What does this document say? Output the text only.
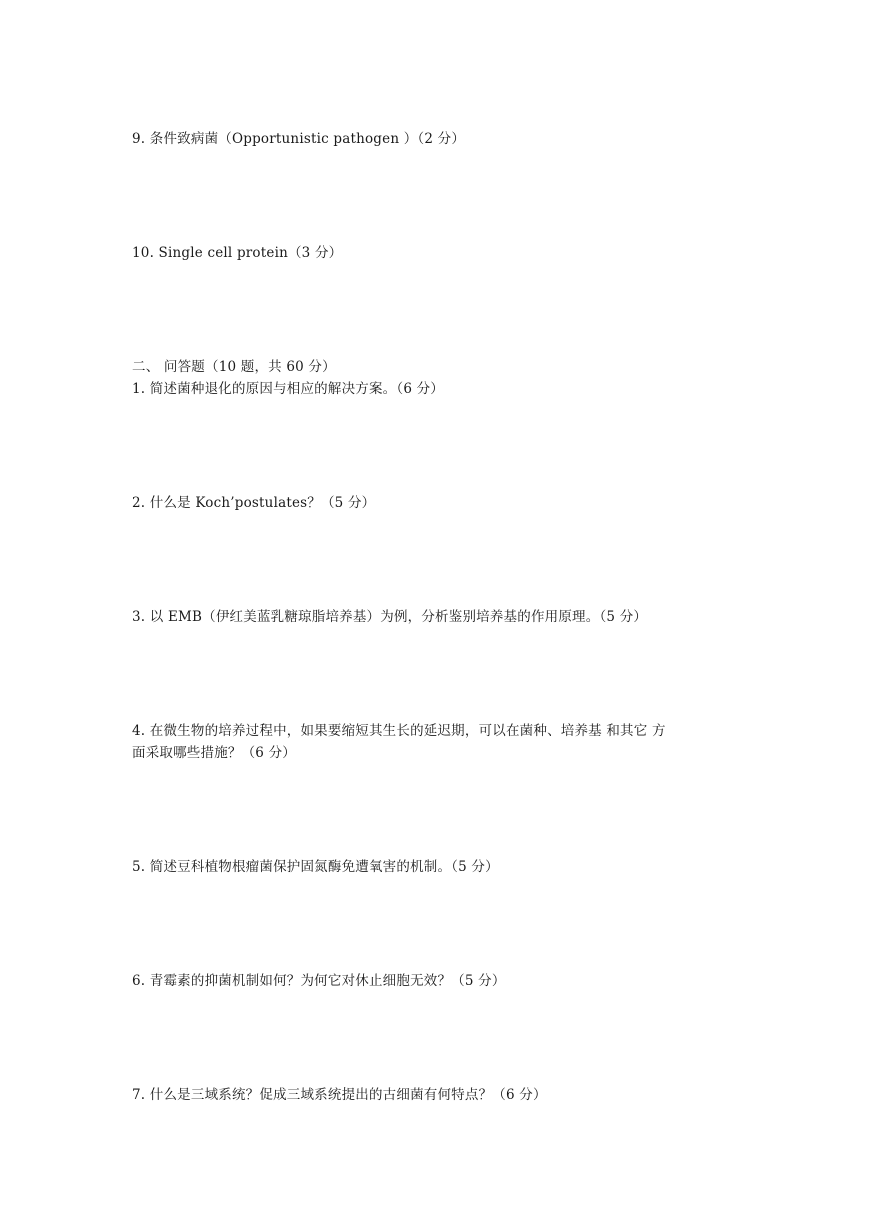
9. 条件致病菌（Opportunistic pathogen ）（2 分）
10. Single cell protein（3 分）
二、 问答题（10 题，共 60 分）
1. 简述菌种退化的原因与相应的解决方案。（6 分）
2. 什么是 Koch’postulates？（5 分）
3. 以 EMB（伊红美蓝乳糖琼脂培养基）为例，分析鉴别培养基的作用原理。（5 分）
4. 在微生物的培养过程中，如果要缩短其生长的延迟期，可以在菌种、培养基 和其它 方
面采取哪些措施？（6 分）
5. 简述豆科植物根瘤菌保护固氮酶免遭氧害的机制。（5 分）
6. 青霉素的抑菌机制如何？为何它对休止细胞无效？（5 分）
7. 什么是三域系统？促成三域系统提出的古细菌有何特点？（6 分）
